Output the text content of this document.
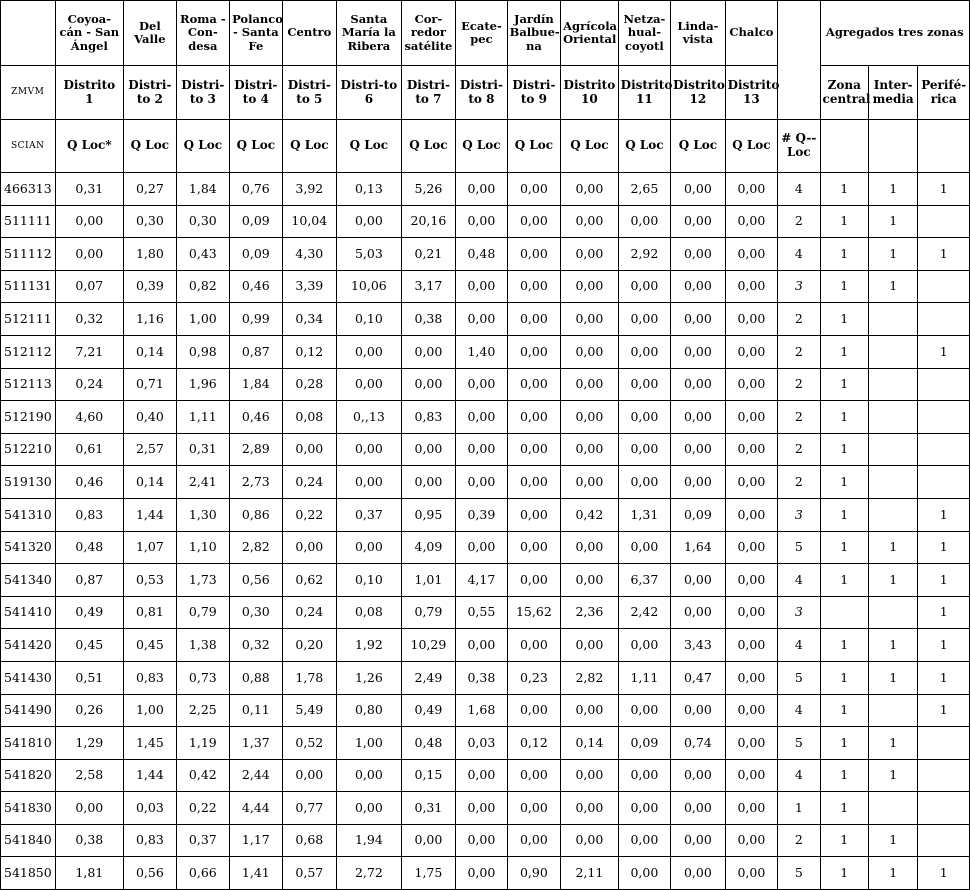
	Coyoa-cán - San Ángel	Del Valle	Roma - Con-desa	Polanco - Santa Fe	Centro	Santa María la Ribera	Cor-redor satélite	Ecate-pec	Jardín Balbue-na	Agrícola Oriental	Netza-hual-coyotl	Linda-vista	Chalco		Agregados tres zonas		
ZMVM	Distrito 1	Distri-to 2	Distri-to 3	Distri-to 4	Distri-to 5	Distri-to 6	Distri-to 7	Distri-to 8	Distri-to 9	Distrito 10	Distrito 11	Distrito 12	Distrito 13		Zona central	Inter-media	Perifé-rica
SCIAN	Q Loc*	Q Loc	Q Loc	Q Loc	Q Loc	Q Loc	Q Loc	Q Loc	Q Loc	Q Loc	Q Loc	Q Loc	Q Loc	# Q--Loc			
466313	0,31	0,27	1,84	0,76	3,92	0,13	5,26	0,00	0,00	0,00	2,65	0,00	0,00	4	1	1	1
511111	0,00	0,30	0,30	0,09	10,04	0,00	20,16	0,00	0,00	0,00	0,00	0,00	0,00	2	1	1	
511112	0,00	1,80	0,43	0,09	4,30	5,03	0,21	0,48	0,00	0,00	2,92	0,00	0,00	4	1	1	1
511131	0,07	0,39	0,82	0,46	3,39	10,06	3,17	0,00	0,00	0,00	0,00	0,00	0,00	3	1	1	
512111	0,32	1,16	1,00	0,99	0,34	0,10	0,38	0,00	0,00	0,00	0,00	0,00	0,00	2	1		
512112	7,21	0,14	0,98	0,87	0,12	0,00	0,00	1,40	0,00	0,00	0,00	0,00	0,00	2	1		1
512113	0,24	0,71	1,96	1,84	0,28	0,00	0,00	0,00	0,00	0,00	0,00	0,00	0,00	2	1		
512190	4,60	0,40	1,11	0,46	0,08	0,,13	0,83	0,00	0,00	0,00	0,00	0,00	0,00	2	1		
512210	0,61	2,57	0,31	2,89	0,00	0,00	0,00	0,00	0,00	0,00	0,00	0,00	0,00	2	1		
519130	0,46	0,14	2,41	2,73	0,24	0,00	0,00	0,00	0,00	0,00	0,00	0,00	0,00	2	1		
541310	0,83	1,44	1,30	0,86	0,22	0,37	0,95	0,39	0,00	0,42	1,31	0,09	0,00	3	1		1
541320	0,48	1,07	1,10	2,82	0,00	0,00	4,09	0,00	0,00	0,00	0,00	1,64	0,00	5	1	1	1
541340	0,87	0,53	1,73	0,56	0,62	0,10	1,01	4,17	0,00	0,00	6,37	0,00	0,00	4	1	1	1
541410	0,49	0,81	0,79	0,30	0,24	0,08	0,79	0,55	15,62	2,36	2,42	0,00	0,00	3			1
541420	0,45	0,45	1,38	0,32	0,20	1,92	10,29	0,00	0,00	0,00	0,00	3,43	0,00	4	1	1	1
541430	0,51	0,83	0,73	0,88	1,78	1,26	2,49	0,38	0,23	2,82	1,11	0,47	0,00	5	1	1	1
541490	0,26	1,00	2,25	0,11	5,49	0,80	0,49	1,68	0,00	0,00	0,00	0,00	0,00	4	1		1
541810	1,29	1,45	1,19	1,37	0,52	1,00	0,48	0,03	0,12	0,14	0,09	0,74	0,00	5	1	1	
541820	2,58	1,44	0,42	2,44	0,00	0,00	0,15	0,00	0,00	0,00	0,00	0,00	0,00	4	1	1	
541830	0,00	0,03	0,22	4,44	0,77	0,00	0,31	0,00	0,00	0,00	0,00	0,00	0,00	1	1		
541840	0,38	0,83	0,37	1,17	0,68	1,94	0,00	0,00	0,00	0,00	0,00	0,00	0,00	2	1	1	
541850	1,81	0,56	0,66	1,41	0,57	2,72	1,75	0,00	0,90	2,11	0,00	0,00	0,00	5	1	1	1
